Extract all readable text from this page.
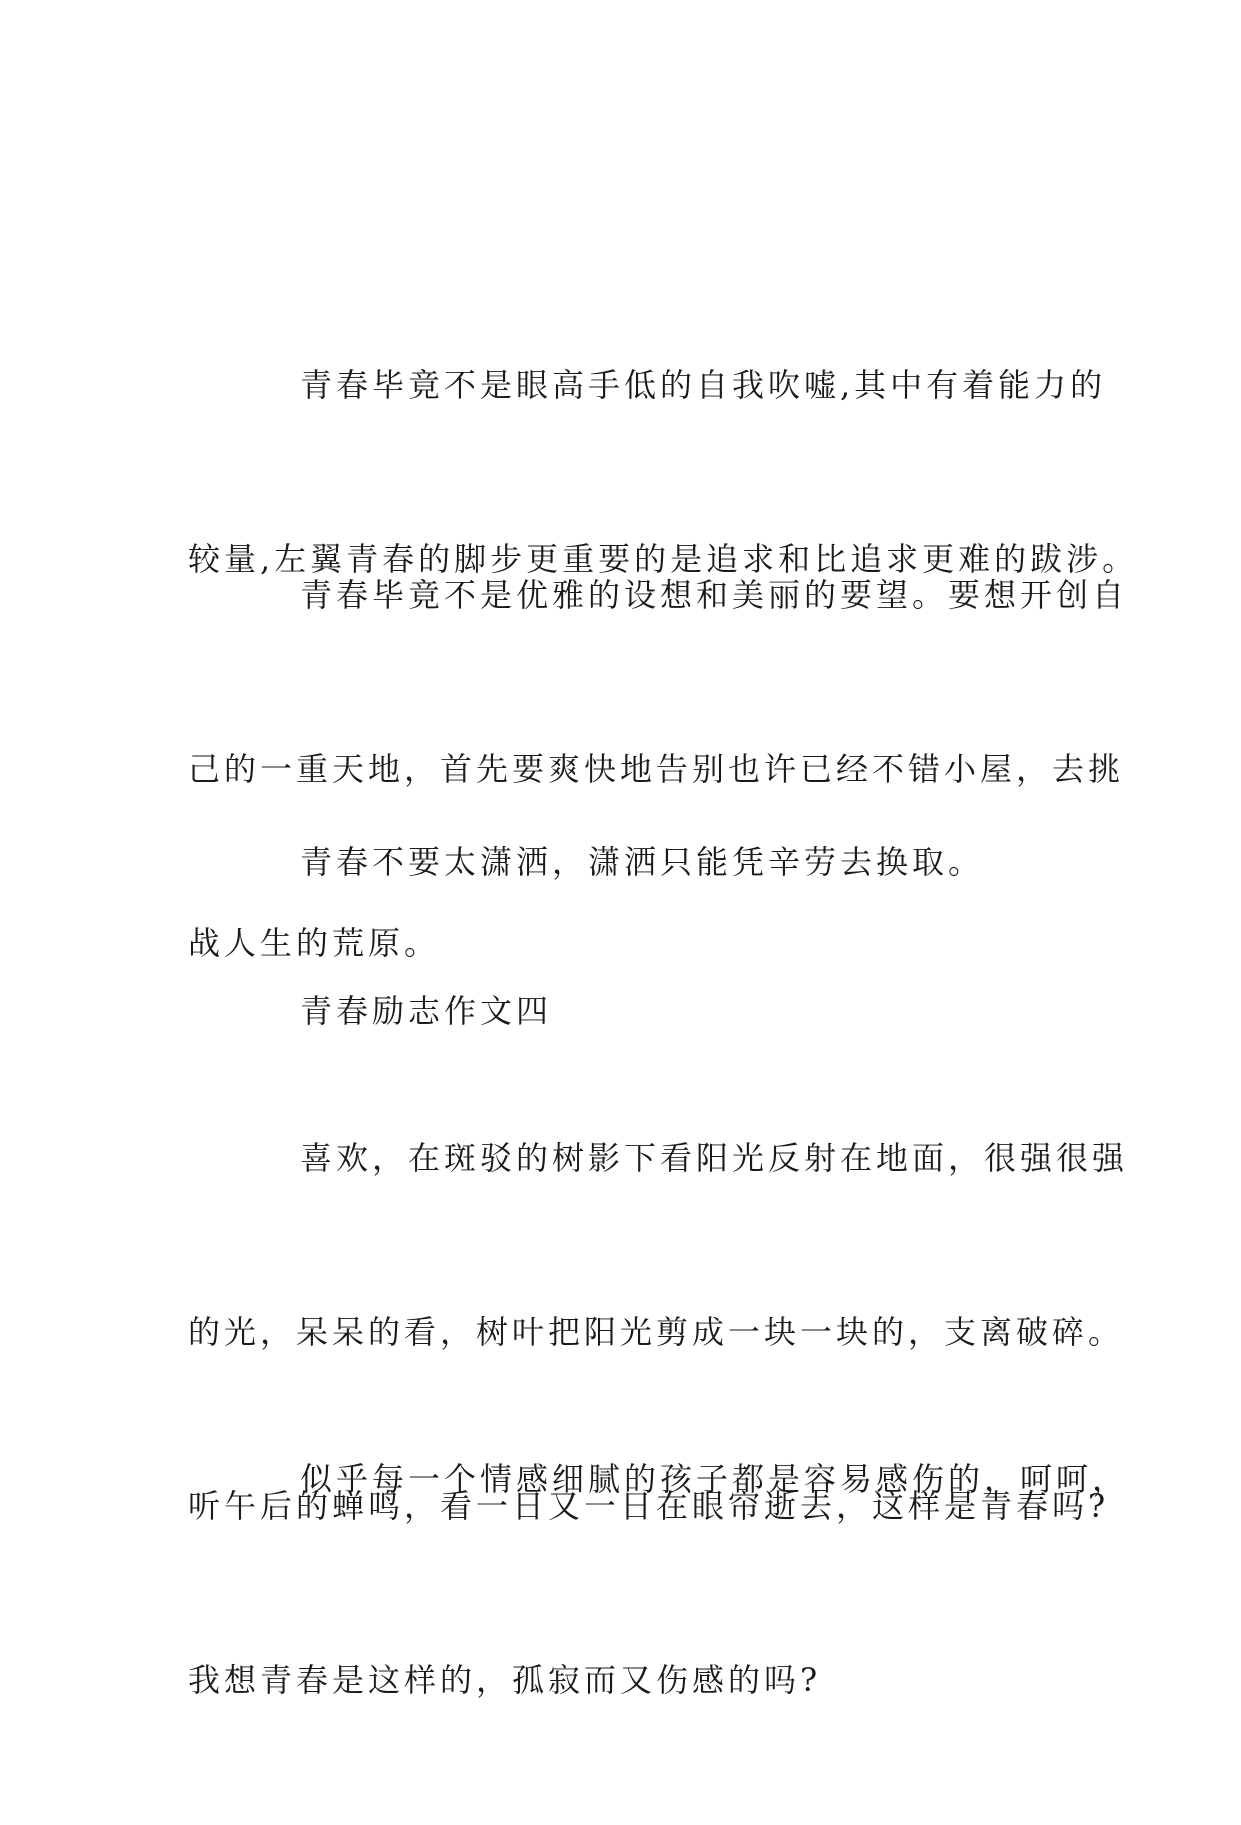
青春毕竟不是眼高手低的自我吹嘘,其中有着能力的

较量,左翼青春的脚步更重要的是追求和比追求更难的跋涉。

青春毕竟不是优雅的设想和美丽的要望。要想开创自

己的一重天地，首先要爽快地告别也许已经不错小屋，去挑

战人生的荒原。

青春不要太潇洒，潇洒只能凭辛劳去换取。

青春励志作文四

喜欢，在斑驳的树影下看阳光反射在地面，很强很强

的光，呆呆的看，树叶把阳光剪成一块一块的，支离破碎。

听午后的蝉鸣，看一日又一日在眼帘逝去，这样是青春吗?

我想青春是这样的，孤寂而又伤感的吗?

似乎每一个情感细腻的孩子都是容易感伤的，呵呵，
